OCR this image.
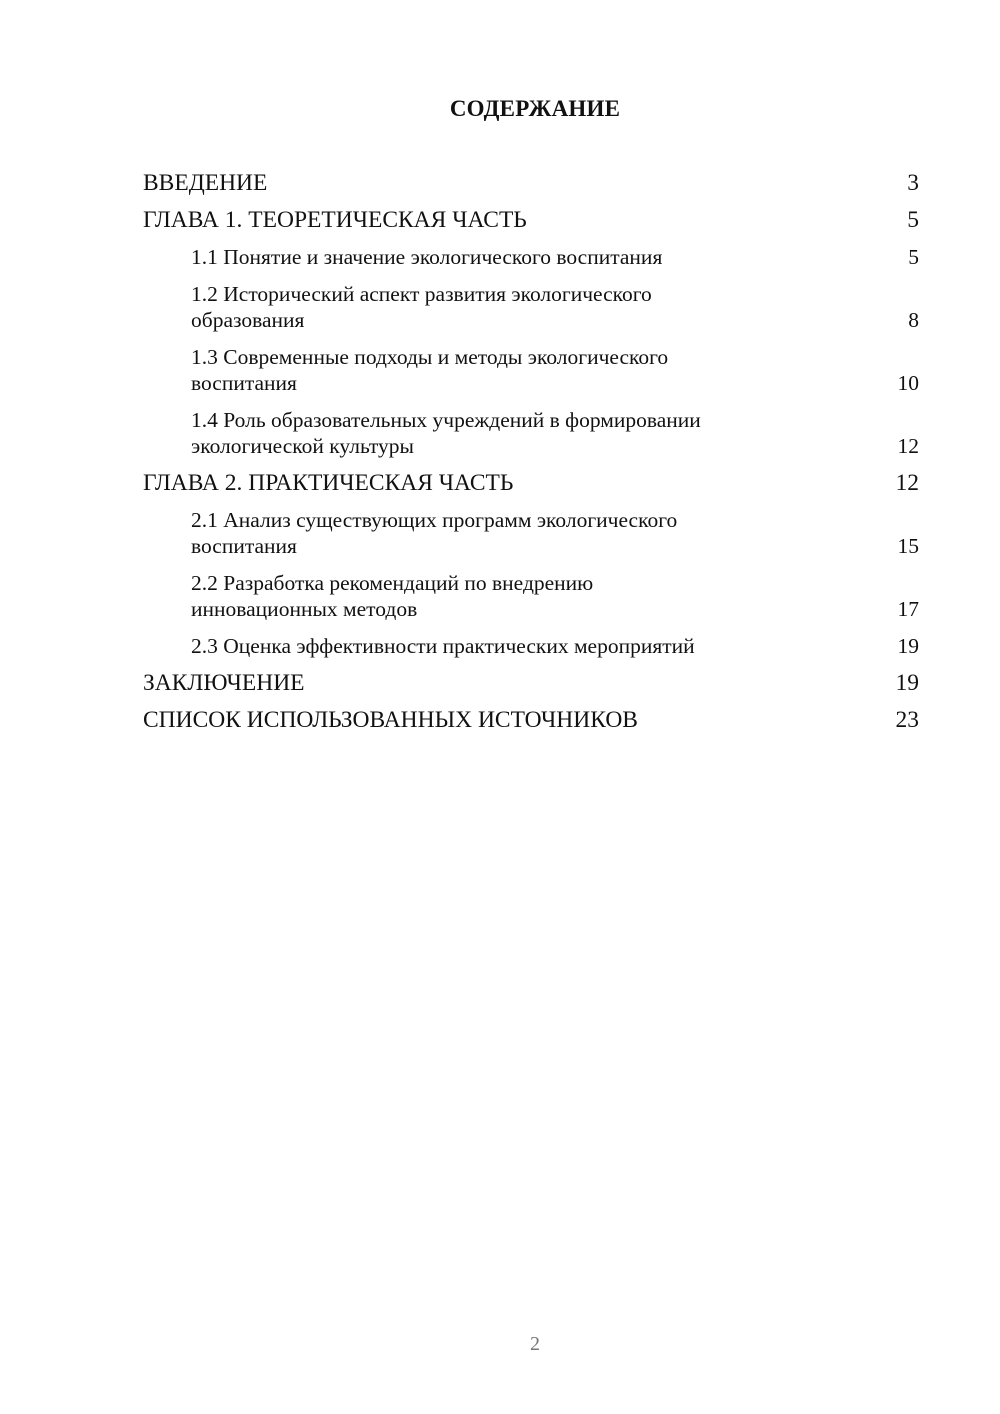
СОДЕРЖАНИЕ
ВВЕДЕНИЕ	3
ГЛАВА 1. ТЕОРЕТИЧЕСКАЯ ЧАСТЬ	5
1.1 Понятие и значение экологического воспитания	5
1.2 Исторический аспект развития экологического
образования	8
1.3 Современные подходы и методы экологического
воспитания	10
1.4 Роль образовательных учреждений в формировании
экологической культуры	12
ГЛАВА 2. ПРАКТИЧЕСКАЯ ЧАСТЬ	12
2.1 Анализ существующих программ экологического
воспитания	15
2.2 Разработка рекомендаций по внедрению
инновационных методов	17
2.3 Оценка эффективности практических мероприятий	19
ЗАКЛЮЧЕНИЕ	19
СПИСОК ИСПОЛЬЗОВАННЫХ ИСТОЧНИКОВ	23
2
